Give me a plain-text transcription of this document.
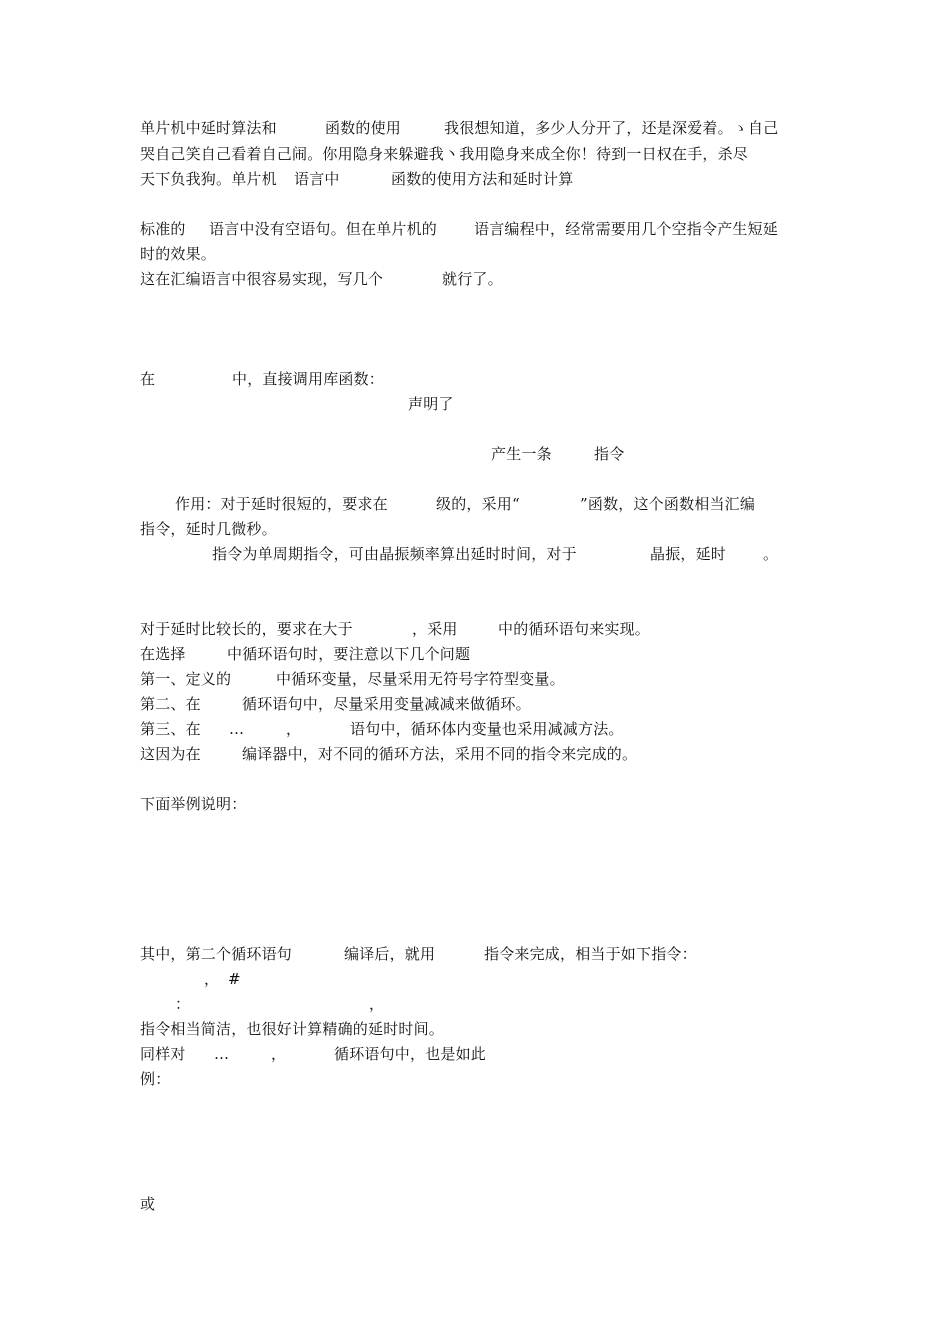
单片机中延时算法和	函数的使用	我很想知道，多少人分开了，还是深爱着。ゝ自己
哭自己笑自己看着自己闹。你用隐身来躲避我丶我用隐身来成全你！待到一日权在手，杀尽
天下负我狗。单片机 语言中	函数的使用方法和延时计算
标准的 语言中没有空语句。但在单片机的 语言编程中，经常需要用几个空指令产生短延
时的效果。
这在汇编语言中很容易实现，写几个	就行了。
在	中，直接调用库函数：
声明了
产生一条	指令
作用：对于延时很短的，要求在	级的，采用“	”函数，这个函数相当汇编
指令，延时几微秒。
指令为单周期指令，可由晶振频率算出延时时间，对于	晶振，延时 。
对于延时比较长的，要求在大于	，采用	中的循环语句来实现。
在选择	中循环语句时，要注意以下几个问题
第一、定义的	中循环变量，尽量采用无符号字符型变量。
第二、在	循环语句中，尽量采用变量减减来做循环。
第三、在 …	，	语句中，循环体内变量也采用减减方法。
这因为在	编译器中，对不同的循环方法，采用不同的指令来完成的。
下面举例说明：
其中，第二个循环语句	编译后，就用	指令来完成，相当于如下指令：
， #
：	，
指令相当简洁，也很好计算精确的延时时间。
同样对 …	，	循环语句中，也是如此
例：
或
